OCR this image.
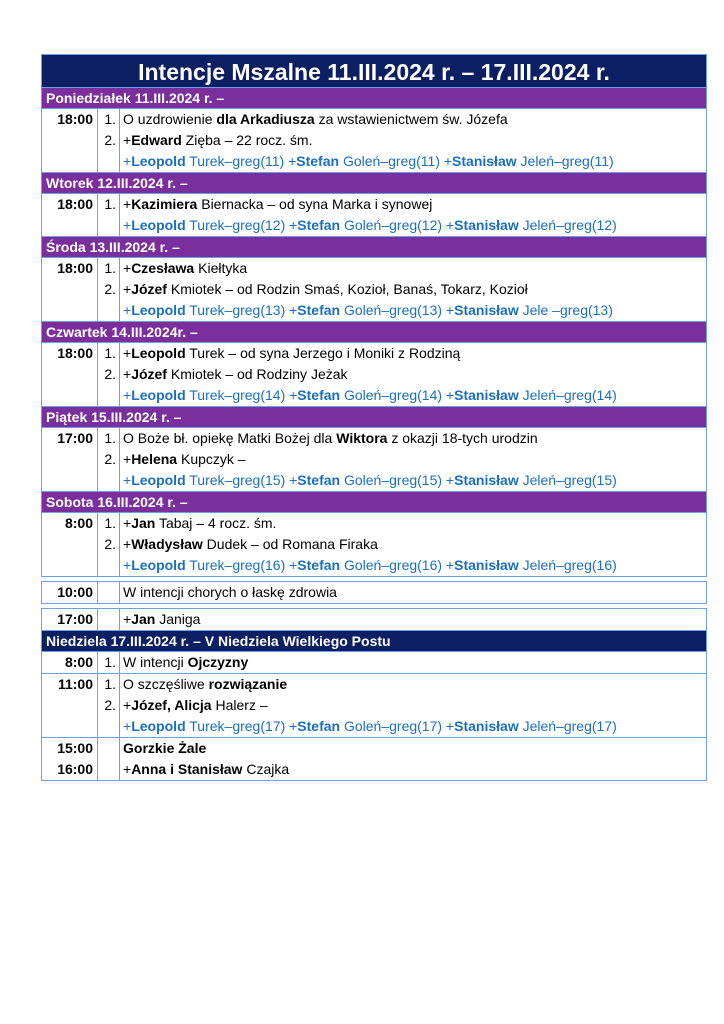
Intencje Mszalne 11.III.2024 r. – 17.III.2024 r.
Poniedziałek 11.III.2024 r. –
18:00 1.
2.
O uzdrowienie dla Arkadiusza za wstawienictwem św. Józefa
+Edward Zięba – 22 rocz. śm.
+Leopold Turek–greg(11) +Stefan Goleń–greg(11) +Stanisław Jeleń–greg(11)
Wtorek 12.III.2024 r. –
18:00 1. +Kazimiera Biernacka – od syna Marka i synowej
+Leopold Turek–greg(12) +Stefan Goleń–greg(12) +Stanisław Jeleń–greg(12)
Środa 13.III.2024 r. –
18:00 1.
2.
+Czesława Kiełtyka
+Józef Kmiotek – od Rodzin Smaś, Kozioł, Banaś, Tokarz, Kozioł
+Leopold Turek–greg(13) +Stefan Goleń–greg(13) +Stanisław Jele –greg(13)
Czwartek 14.III.2024r. –
18:00 1.
2.
+Leopold Turek – od syna Jerzego i Moniki z Rodziną
+Józef Kmiotek – od Rodziny Jeżak
+Leopold Turek–greg(14) +Stefan Goleń–greg(14) +Stanisław Jeleń–greg(14)
Piątek 15.III.2024 r. –
17:00 1.
2.
O Boże bł. opiekę Matki Bożej dla Wiktora z okazji 18-tych urodzin
+Helena Kupczyk –
+Leopold Turek–greg(15) +Stefan Goleń–greg(15) +Stanisław Jeleń–greg(15)
Sobota 16.III.2024 r. –
8:00 1.
2.
+Jan Tabaj – 4 rocz. śm.
+Władysław Dudek – od Romana Firaka
+Leopold Turek–greg(16) +Stefan Goleń–greg(16) +Stanisław Jeleń–greg(16)
10:00 W intencji chorych o łaskę zdrowia
17:00 +Jan Janiga
Niedziela 17.III.2024 r. – V Niedziela Wielkiego Postu
8:00 1. W intencji Ojczyzny
11:00 1.
2.
O szczęśliwe rozwiązanie
+Józef, Alicja Halerz –
+Leopold Turek–greg(17) +Stefan Goleń–greg(17) +Stanisław Jeleń–greg(17)
15:00
16:00
Gorzkie Żale
+Anna i Stanisław Czajka
